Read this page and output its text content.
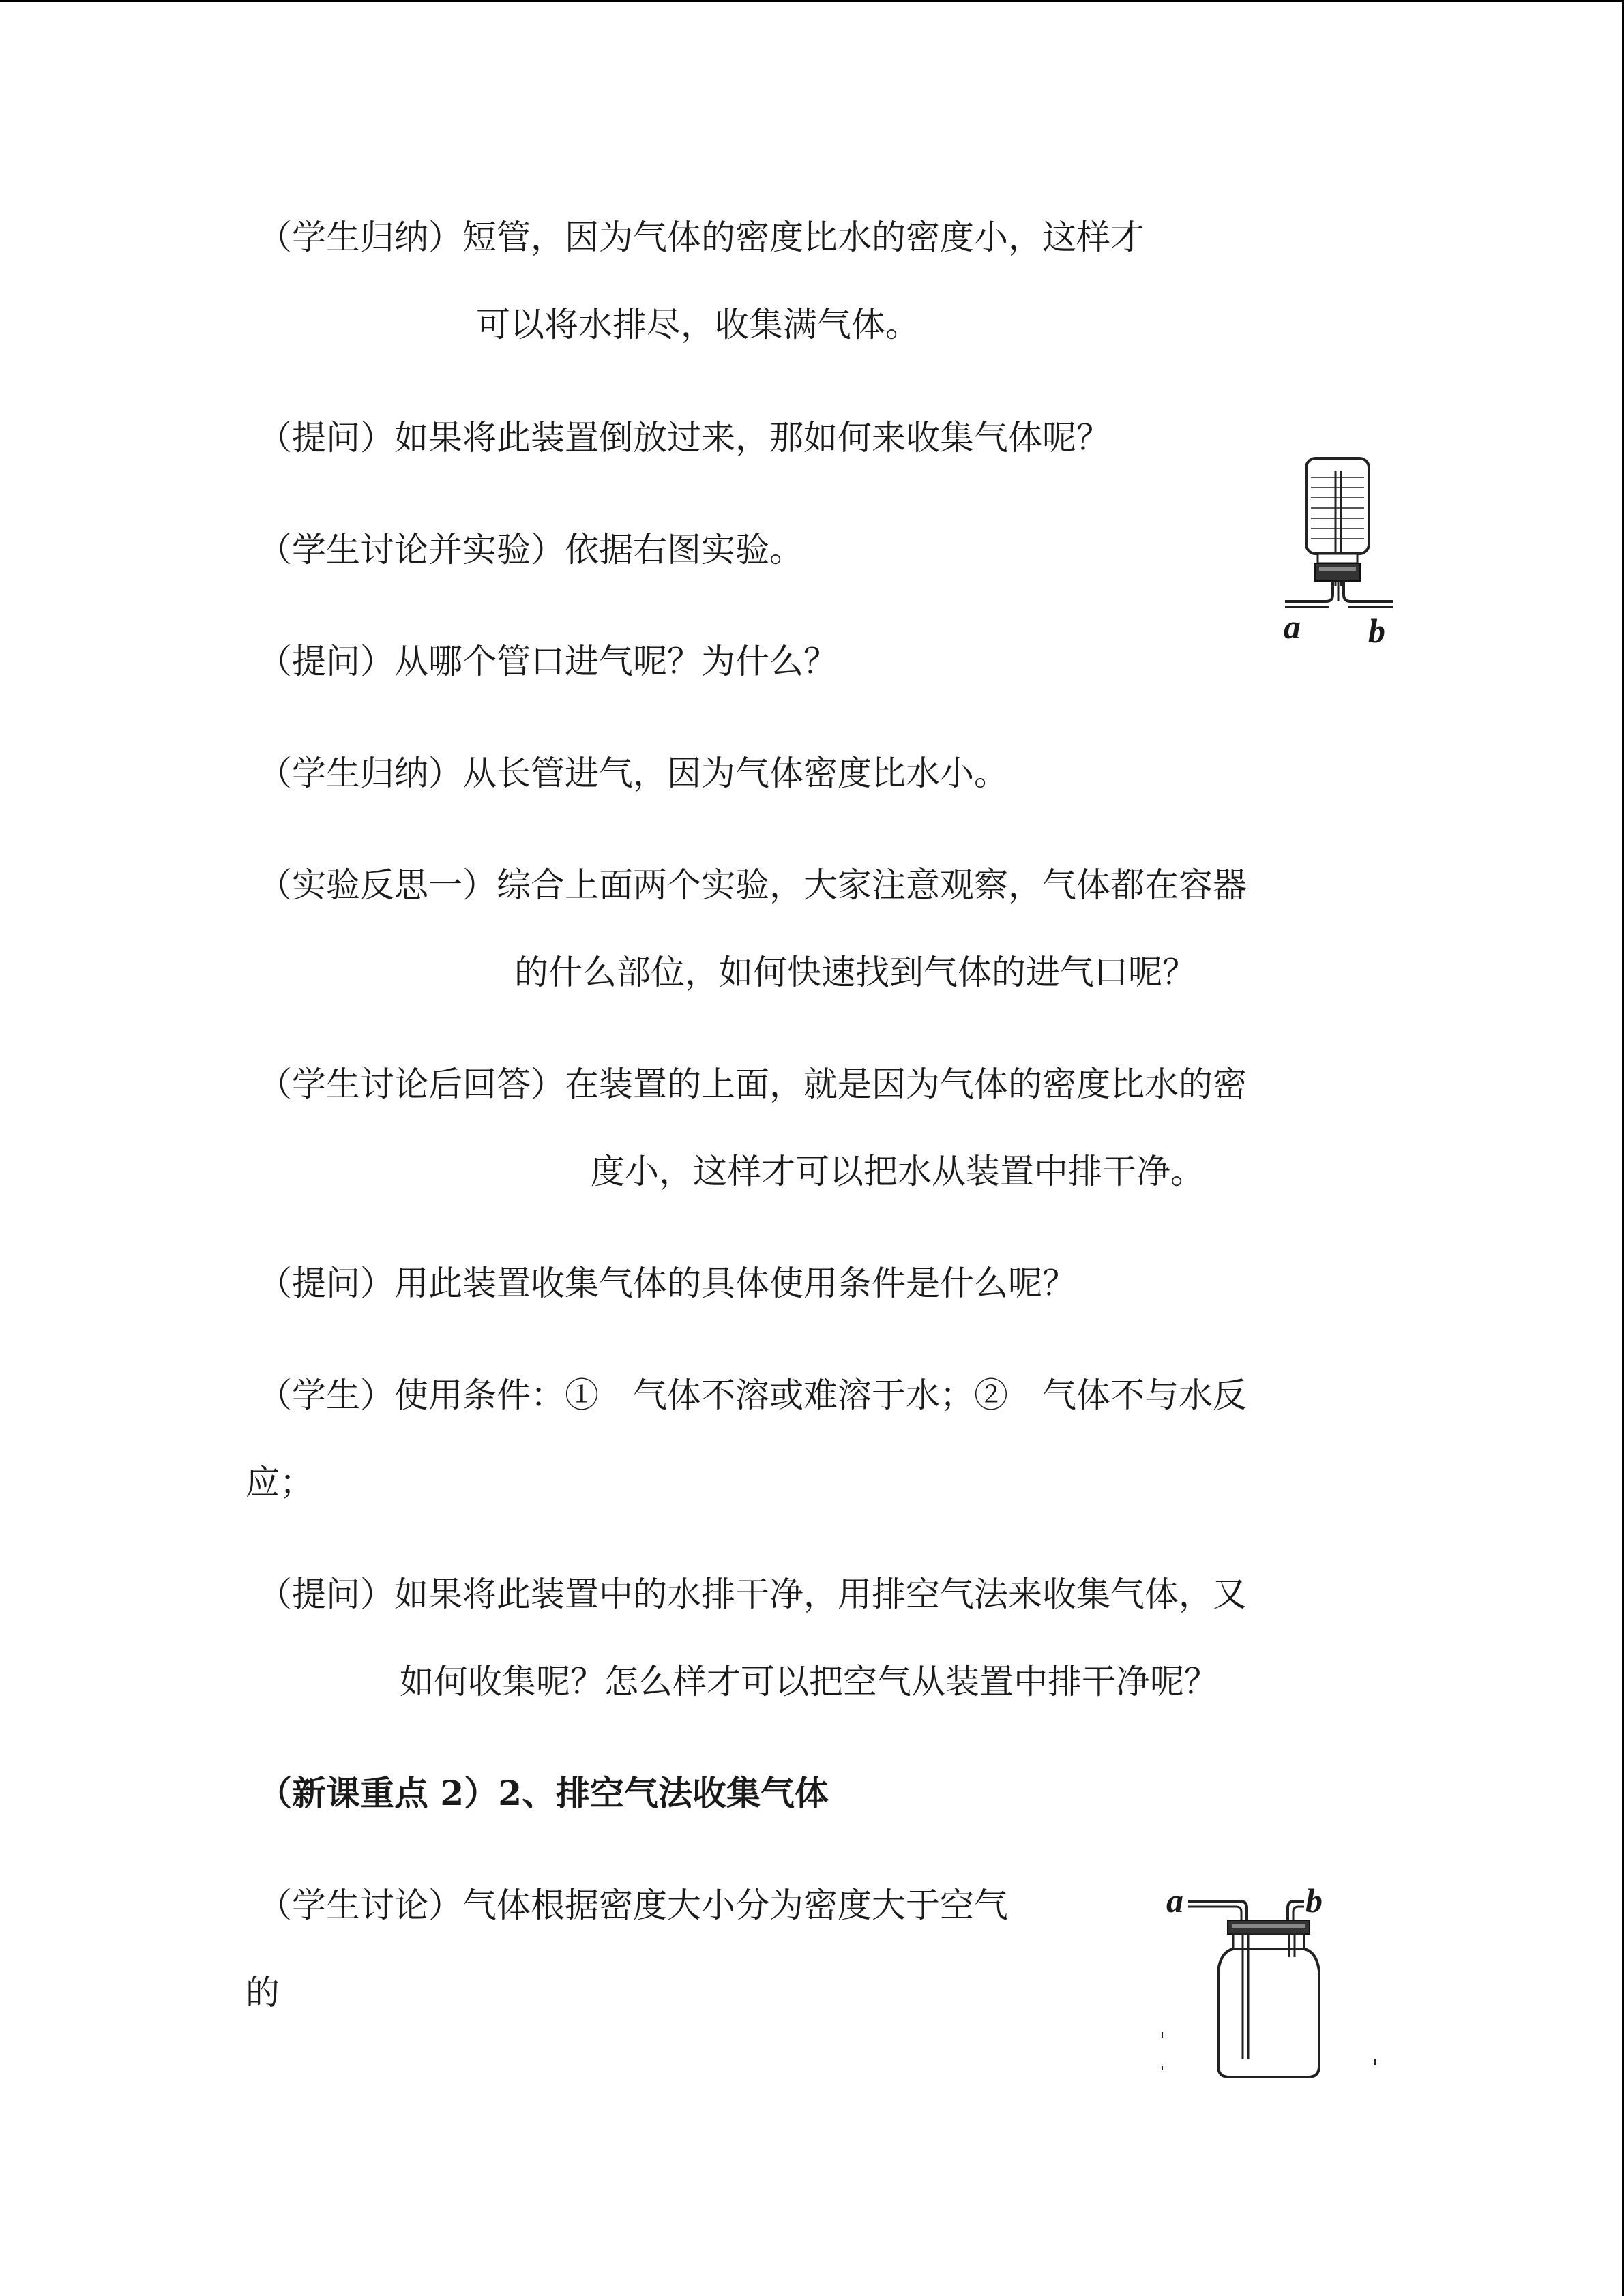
（学生归纳）短管，因为气体的密度比水的密度小，这样才
可以将水排尽，收集满气体。
（提问）如果将此装置倒放过来，那如何来收集气体呢？
（学生讨论并实验）依据右图实验。
（提问）从哪个管口进气呢？为什么？
（学生归纳）从长管进气，因为气体密度比水小。
（实验反思一）综合上面两个实验，大家注意观察，气体都在容器
的什么部位，如何快速找到气体的进气口呢？
（学生讨论后回答）在装置的上面，就是因为气体的密度比水的密
度小，这样才可以把水从装置中排干净。
（提问）用此装置收集气体的具体使用条件是什么呢？
（学生）使用条件：①　气体不溶或难溶于水；②　气体不与水反
应；
（提问）如果将此装置中的水排干净，用排空气法来收集气体，又
如何收集呢？怎么样才可以把空气从装置中排干净呢？
（新课重点 2）2、排空气法收集气体
（学生讨论）气体根据密度大小分为密度大于空气
的
a b
a	b
